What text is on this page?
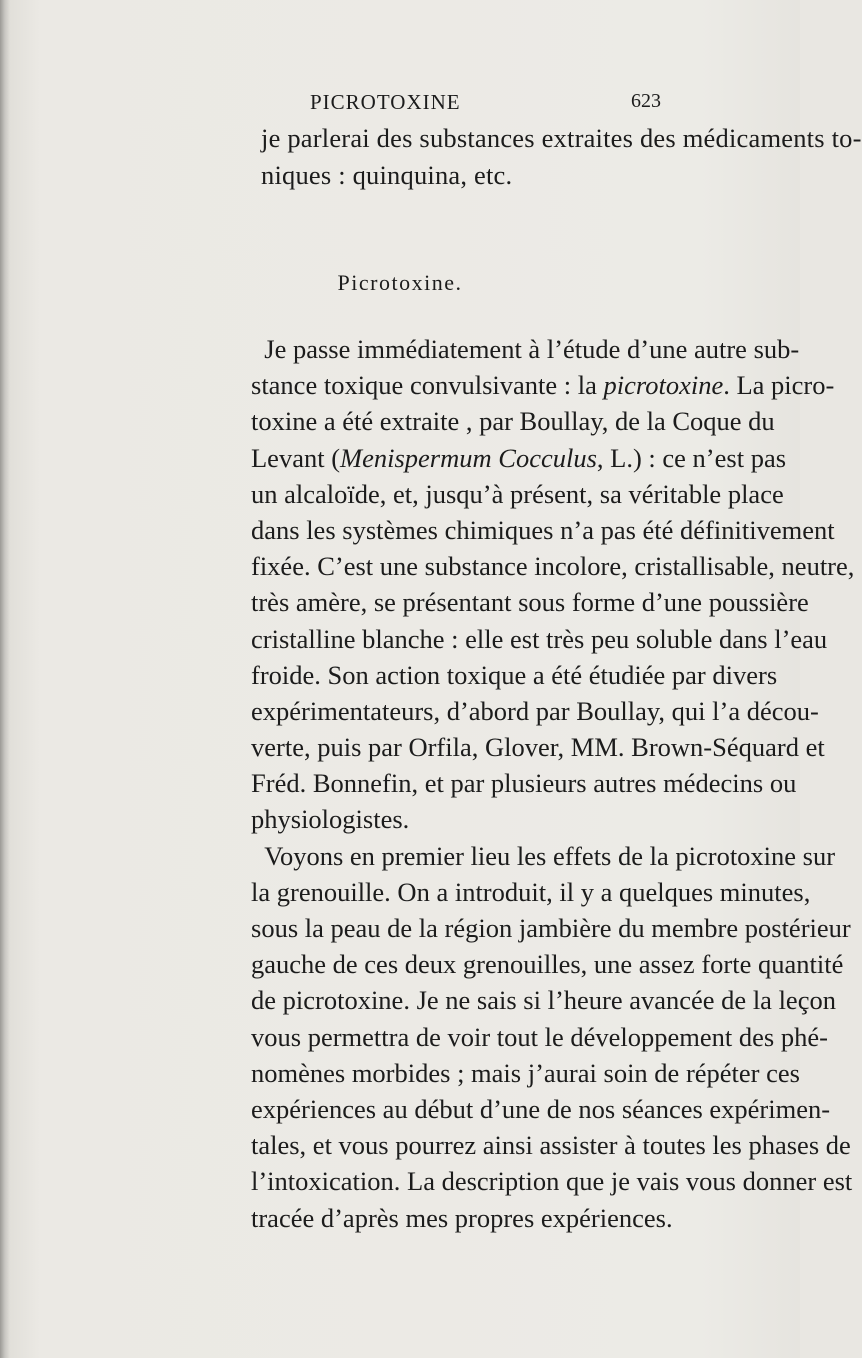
PICROTOXINE	623
je parlerai des substances extraites des médicaments to-
niques : quinquina, etc.
Picrotoxine.
Je passe immédiatement à l’étude d’une autre sub-
stance toxique convulsivante : la picrotoxine. La picro-
toxine a été extraite , par Boullay, de la Coque du
Levant (Menispermum Cocculus, L.) : ce n’est pas
un alcaloïde, et, jusqu’à présent, sa véritable place
dans les systèmes chimiques n’a pas été définitivement
fixée. C’est une substance incolore, cristallisable, neutre,
très amère, se présentant sous forme d’une poussière
cristalline blanche : elle est très peu soluble dans l’eau
froide. Son action toxique a été étudiée par divers
expérimentateurs, d’abord par Boullay, qui l’a décou-
verte, puis par Orfila, Glover, MM. Brown-Séquard et
Fréd. Bonnefin, et par plusieurs autres médecins ou
physiologistes.
Voyons en premier lieu les effets de la picrotoxine sur
la grenouille. On a introduit, il y a quelques minutes,
sous la peau de la région jambière du membre postérieur
gauche de ces deux grenouilles, une assez forte quantité
de picrotoxine. Je ne sais si l’heure avancée de la leçon
vous permettra de voir tout le développement des phé-
nomènes morbides ; mais j’aurai soin de répéter ces
expériences au début d’une de nos séances expérimen-
tales, et vous pourrez ainsi assister à toutes les phases de
l’intoxication. La description que je vais vous donner est
tracée d’après mes propres expériences.
